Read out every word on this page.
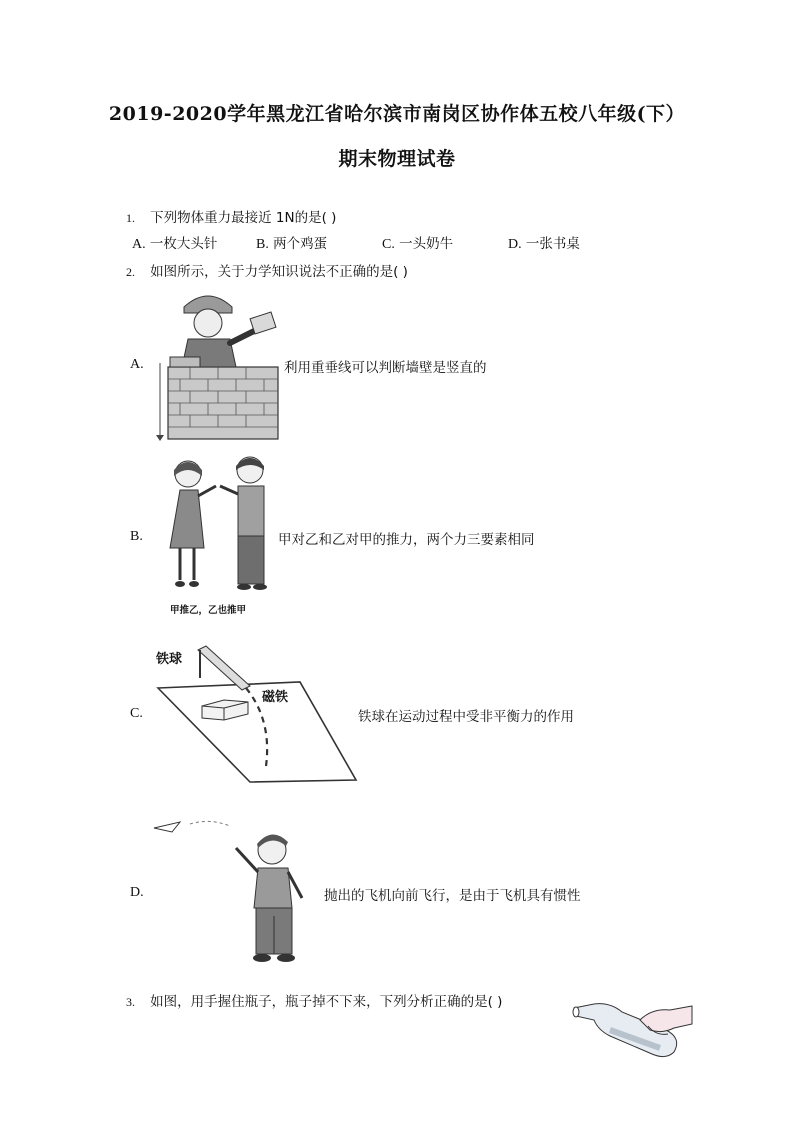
2019-2020学年黑龙江省哈尔滨市南岗区协作体五校八年级(下）
期末物理试卷
1. 下列物体重力最接近 1N的是( )
A. 一枚大头针	B. 两个鸡蛋	C. 一头奶牛	D. 一张书桌
2. 如图所示，关于力学知识说法不正确的是( )
A.	利用重垂线可以判断墙壁是竖直的
B.
甲推乙，乙也推甲
甲对乙和乙对甲的推力，两个力三要素相同
C.
铁球
磁铁
铁球在运动过程中受非平衡力的作用
D.	抛出的飞机向前飞行，是由于飞机具有惯性
3. 如图，用手握住瓶子，瓶子掉不下来，下列分析正确的是( )
